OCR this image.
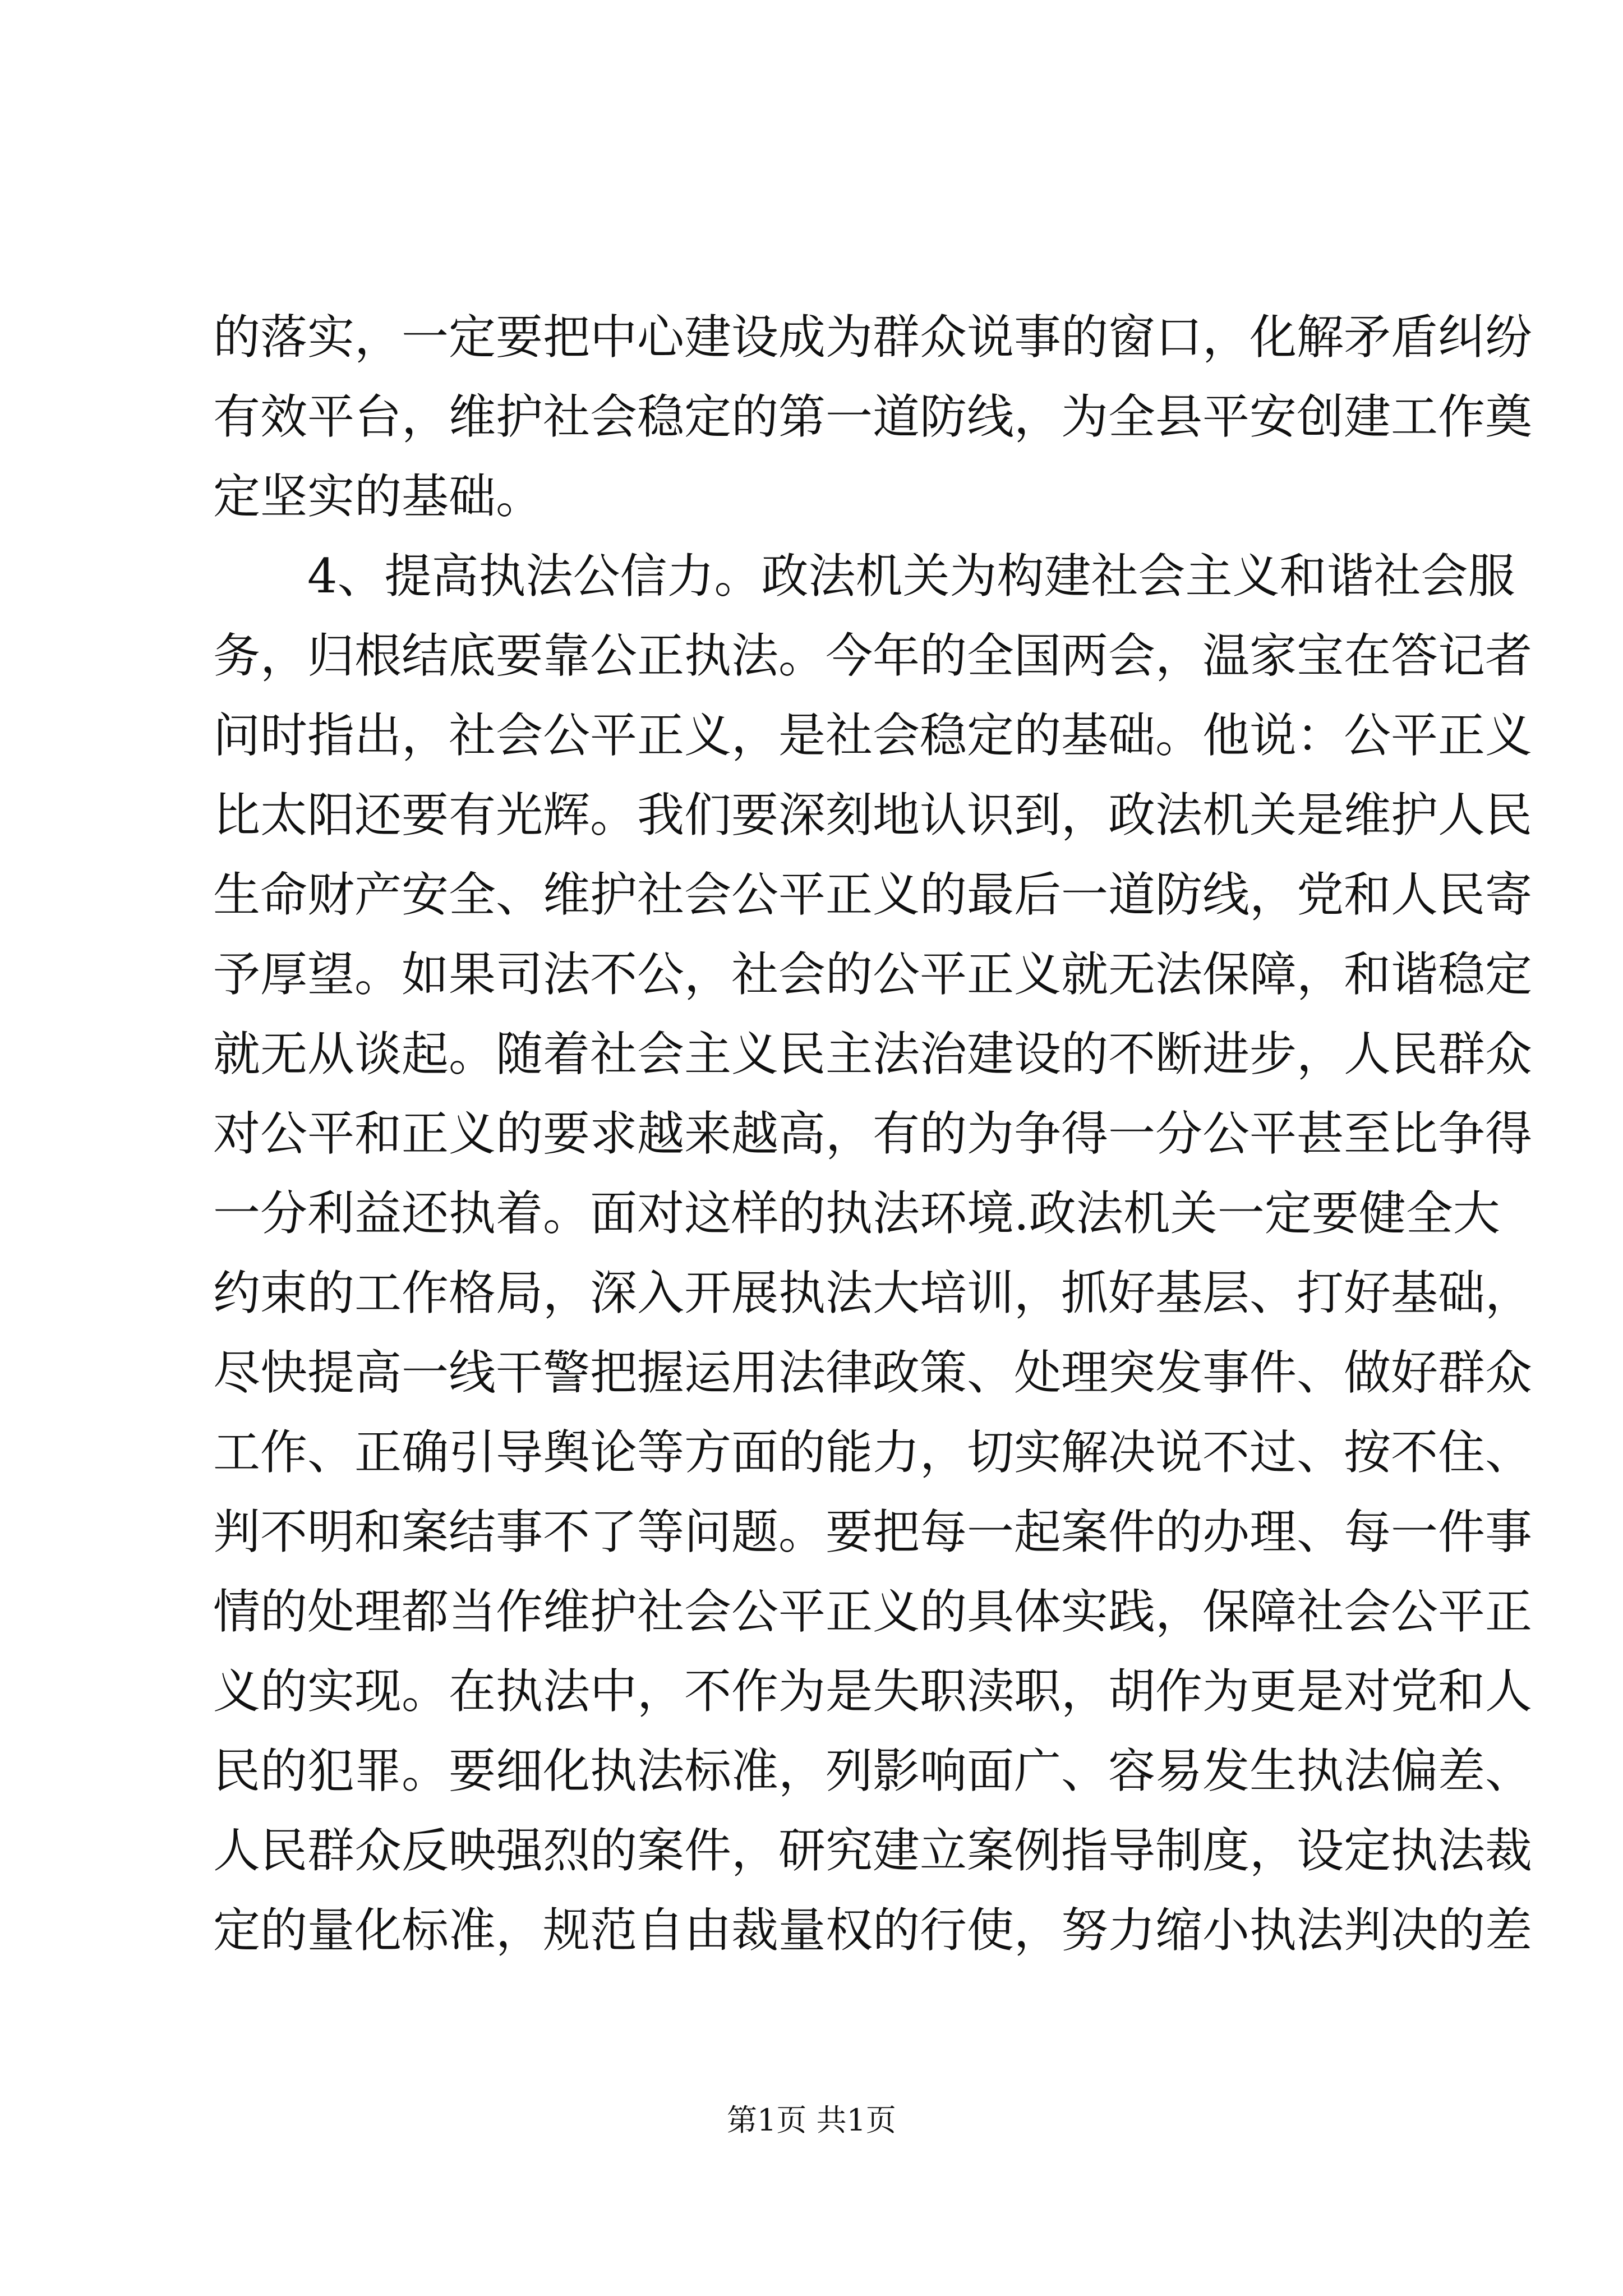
的落实，一定要把中心建设成为群众说事的窗口，化解矛盾纠纷
有效平台，维护社会稳定的第一道防线，为全县平安创建工作奠
定坚实的基础。
4、提高执法公信力。政法机关为构建社会主义和谐社会服
务，归根结底要靠公正执法。今年的全国两会，温家宝在答记者
问时指出，社会公平正义，是社会稳定的基础。他说：公平正义
比太阳还要有光辉。我们要深刻地认识到，政法机关是维护人民
生命财产安全、维护社会公平正义的最后一道防线，党和人民寄
予厚望。如果司法不公，社会的公平正义就无法保障，和谐稳定
就无从谈起。随着社会主义民主法治建设的不断进步，人民群众
对公平和正义的要求越来越高，有的为争得一分公平甚至比争得
一分利益还执着。面对这样的执法环境.政法机关一定要健全大
约束的工作格局，深入开展执法大培训，抓好基层、打好基础，
尽快提高一线干警把握运用法律政策、处理突发事件、做好群众
工作、正确引导舆论等方面的能力，切实解决说不过、按不住、
判不明和案结事不了等问题。要把每一起案件的办理、每一件事
情的处理都当作维护社会公平正义的具体实践，保障社会公平正
义的实现。在执法中，不作为是失职渎职，胡作为更是对党和人
民的犯罪。要细化执法标准，列影响面广、容易发生执法偏差、
人民群众反映强烈的案件，研究建立案例指导制度，设定执法裁
定的量化标准，规范自由裁量权的行使，努力缩小执法判决的差
第1页 共1页
